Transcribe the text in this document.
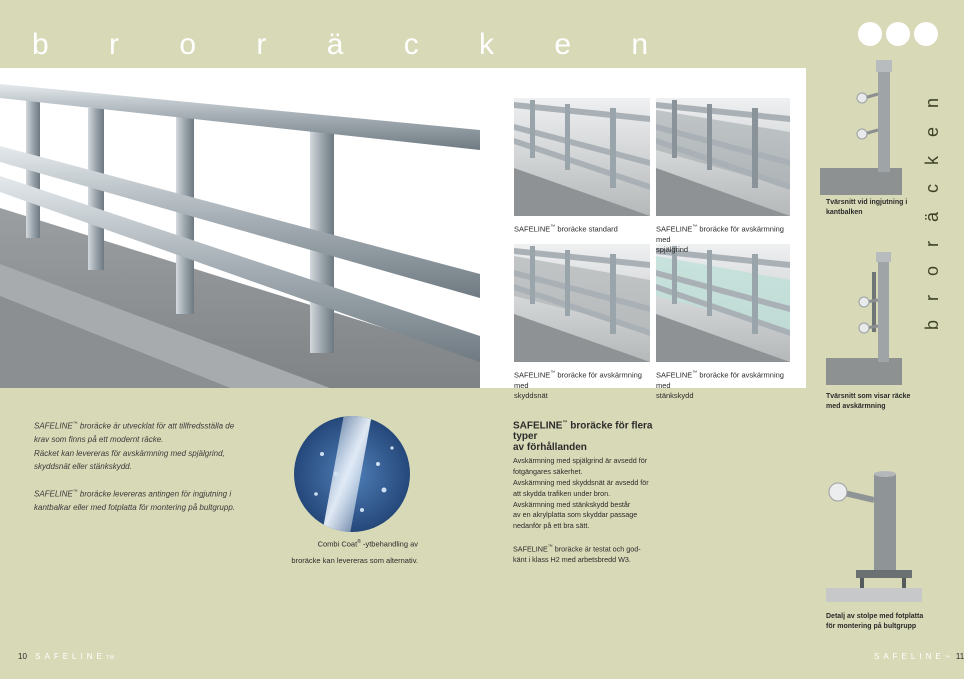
b r o r ä c k e n
SAFELINE™ broräcke standard	SAFELINE™ broräcke för avskärmning med
spjälgrind
SAFELINE™ broräcke för avskärmning med
skyddsnät
SAFELINE™ broräcke för avskärmning med
stänkskydd
Tvärsnitt vid ingjutning i
kantbalken
Tvärsnitt som visar räcke
med avskärmning
b r o r ä c k e n
Detalj av stolpe med fotplatta
för montering på bultgrupp

SAFELINE™ broräcke är utvecklat för att tillfredsställa de
krav som finns på ett modernt räcke.
Räcket kan levereras för avskärmning med spjälgrind,
skyddsnät eller stänkskydd.

SAFELINE™ broräcke levereras antingen för ingjutning i
kantbalkar eller med fotplatta för montering på bultgrupp.

Combi Coat® -ytbehandling av
broräcke kan levereras som alternativ.
SAFELINE™ broräcke för flera typer
av förhållanden
Avskärmning med spjälgrind är avsedd för
fotgängares säkerhet.
Avskärmning med skyddsnät är avsedd för
att skydda trafiken under bron.
Avskärmning med stänkskydd består
av en akrylplatta som skyddar passage
nedanför på ett bra sätt.
SAFELINE™ broräcke är testat och god-
känt i klass H2 med arbetsbredd W3.
10 SAFELINETM	SAFELINE™ 11
